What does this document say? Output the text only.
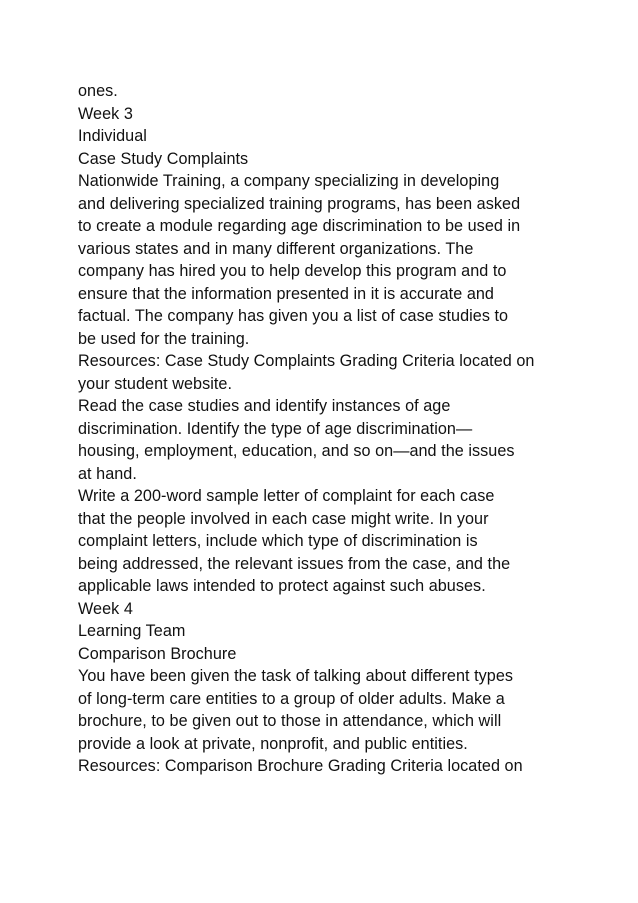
ones.
Week 3
Individual
Case Study Complaints
Nationwide Training, a company specializing in developing
and delivering specialized training programs, has been asked
to create a module regarding age discrimination to be used in
various states and in many different organizations. The
company has hired you to help develop this program and to
ensure that the information presented in it is accurate and
factual. The company has given you a list of case studies to
be used for the training.
Resources: Case Study Complaints Grading Criteria located on
your student website.
Read the case studies and identify instances of age
discrimination. Identify the type of age discrimination—
housing, employment, education, and so on—and the issues
at hand.
Write a 200-word sample letter of complaint for each case
that the people involved in each case might write. In your
complaint letters, include which type of discrimination is
being addressed, the relevant issues from the case, and the
applicable laws intended to protect against such abuses.
Week 4
Learning Team
Comparison Brochure
You have been given the task of talking about different types
of long-term care entities to a group of older adults. Make a
brochure, to be given out to those in attendance, which will
provide a look at private, nonprofit, and public entities.
Resources: Comparison Brochure Grading Criteria located on
